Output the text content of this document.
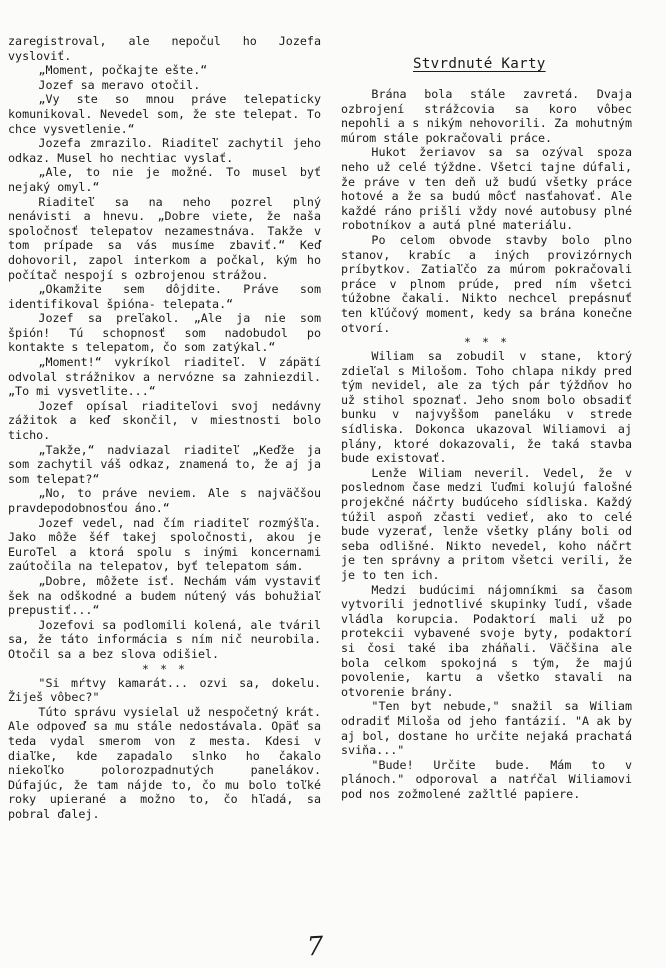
zaregistroval, ale nepočul ho Jozefa vysloviť.

„Moment, počkajte ešte.“

Jozef sa meravo otočil.

„Vy ste so mnou práve telepaticky komunikoval. Nevedel som, že ste telepat. To chce vysvetlenie.“

Jozefa zmrazilo. Riaditeľ zachytil jeho odkaz. Musel ho nechtiac vyslať.

„Ale, to nie je možné. To musel byť nejaký omyl.“

Riaditeľ sa na neho pozrel plný nenávisti a hnevu. „Dobre viete, že naša spoločnosť telepatov nezamestnáva. Takže v tom prípade sa vás musíme zbaviť.“ Keď dohovoril, zapol interkom a počkal, kým ho počítač nespojí s ozbrojenou strážou.

„Okamžite sem dôjdite. Práve som identifikoval špióna- telepata.“

Jozef sa preľakol. „Ale ja nie som špión! Tú schopnosť som nadobudol po kontakte s telepatom, čo som zatýkal.“

„Moment!“ vykríkol riaditeľ. V zápätí odvolal strážnikov a nervózne sa zahniezdil. „To mi vysvetlite...“

Jozef opísal riaditeľovi svoj nedávny zážitok a keď skončil, v miestnosti bolo ticho.

„Takže,“ nadviazal riaditeľ „Keďže ja som zachytil váš odkaz, znamená to, že aj ja som telepat?“

„No, to práve neviem. Ale s najväčšou pravdepodobnosťou áno.“

Jozef vedel, nad čím riaditeľ rozmýšľa. Jako môže šéf takej spoločnosti, akou je EuroTel a ktorá spolu s inými koncernami zaútočila na telepatov, byť telepatom sám.

„Dobre, môžete isť. Nechám vám vystaviť šek na odškodné a budem nútený vás bohužiaľ prepustiť...“

Jozefovi sa podlomili kolená, ale tváril sa, že táto informácia s ním nič neurobila. Otočil sa a bez slova odišiel.

* * *

"Si mŕtvy kamarát... ozvi sa, dokelu. Žiješ vôbec?"

Túto správu vysielal už nespočetný krát. Ale odpoveď sa mu stále nedostávala. Opäť sa teda vydal smerom von z mesta. Kdesi v diaľke, kde zapadalo slnko ho čakalo niekoľko polorozpadnutých panelákov. Dúfajúc, že tam nájde to, čo mu bolo toľké roky upierané a možno to, čo hľadá, sa pobral ďalej.

Stvrdnuté Karty

Brána bola stále zavretá. Dvaja ozbrojení strážcovia sa koro vôbec nepohli a s nikým nehovorili. Za mohutným múrom stále pokračovali práce.

Hukot žeriavov sa sa ozýval spoza neho už celé týždne. Všetci tajne dúfali, že práve v ten deň už budú všetky práce hotové a že sa budú môcť nasťahovať. Ale každé ráno prišli vždy nové autobusy plné robotníkov a autá plné materiálu.

Po celom obvode stavby bolo plno stanov, krabíc a iných provizórnych príbytkov. Zatiaľčo za múrom pokračovali práce v plnom prúde, pred ním všetci túžobne čakali. Nikto nechcel prepásnuť ten kľúčový moment, kedy sa brána konečne otvorí.

* * *

Wiliam sa zobudil v stane, ktorý zdieľal s Milošom. Toho chlapa nikdy pred tým nevidel, ale za tých pár týždňov ho už stihol spoznať. Jeho snom bolo obsadiť bunku v najvyššom paneláku v strede sídliska. Dokonca ukazoval Wiliamovi aj plány, ktoré dokazovali, že taká stavba bude existovať.

Lenže Wiliam neveril. Vedel, že v poslednom čase medzi ľuďmi kolujú falošné projekčné náčrty budúceho sídliska. Každý túžil aspoň zčasti vedieť, ako to celé bude vyzerať, lenže všetky plány boli od seba odlišné. Nikto nevedel, koho náčrt je ten správny a pritom všetci verili, že je to ten ich.

Medzi budúcimi nájomníkmi sa časom vytvorili jednotlivé skupinky ľudí, všade vládla korupcia. Podaktorí mali už po protekcii vybavené svoje byty, podaktorí si čosi také iba zháňali. Väčšina ale bola celkom spokojná s tým, že majú povolenie, kartu a všetko stavali na otvorenie brány.

"Ten byt nebude," snažil sa Wiliam odradiť Miloša od jeho fantázií. "A ak by aj bol, dostane ho určite nejaká prachatá sviňa..."

"Bude! Určite bude. Mám to v plánoch." odporoval a natŕčal Wiliamovi pod nos zožmolené zažltlé papiere.

7
